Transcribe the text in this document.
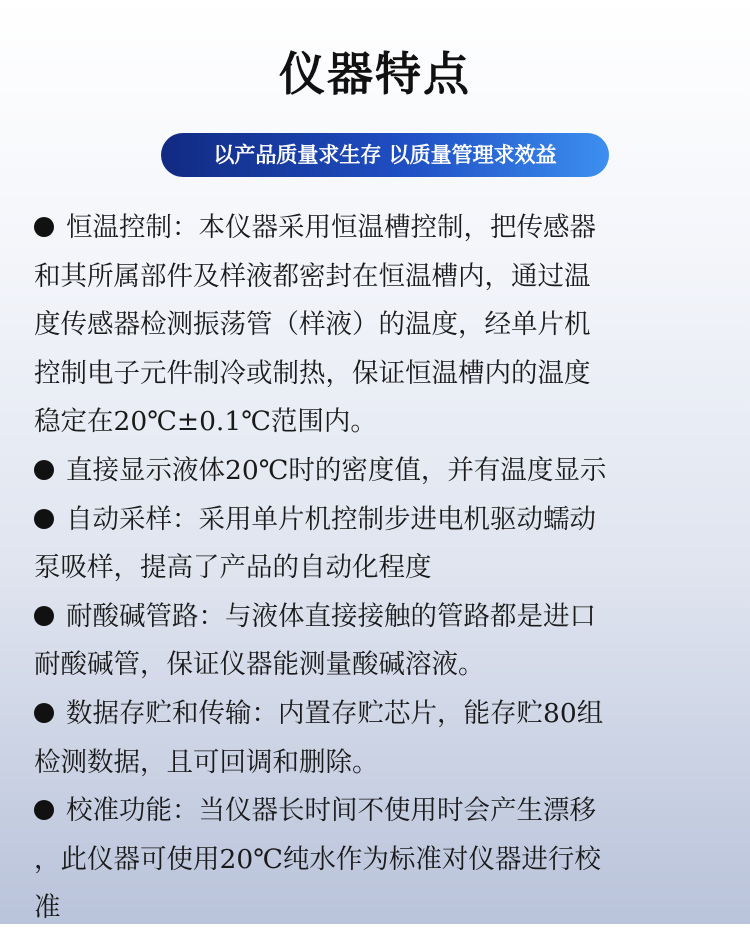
仪器特点
以产品质量求生存 以质量管理求效益
恒温控制：本仪器采用恒温槽控制，把传感器
和其所属部件及样液都密封在恒温槽内，通过温
度传感器检测振荡管（样液）的温度，经单片机
控制电子元件制冷或制热，保证恒温槽内的温度
稳定在20℃±0.1℃范围内。
直接显示液体20℃时的密度值，并有温度显示
自动采样：采用单片机控制步进电机驱动蠕动
泵吸样，提高了产品的自动化程度
耐酸碱管路：与液体直接接触的管路都是进口
耐酸碱管，保证仪器能测量酸碱溶液。
数据存贮和传输：内置存贮芯片，能存贮80组
检测数据，且可回调和删除。
校准功能：当仪器长时间不使用时会产生漂移
，此仪器可使用20℃纯水作为标准对仪器进行校
准
